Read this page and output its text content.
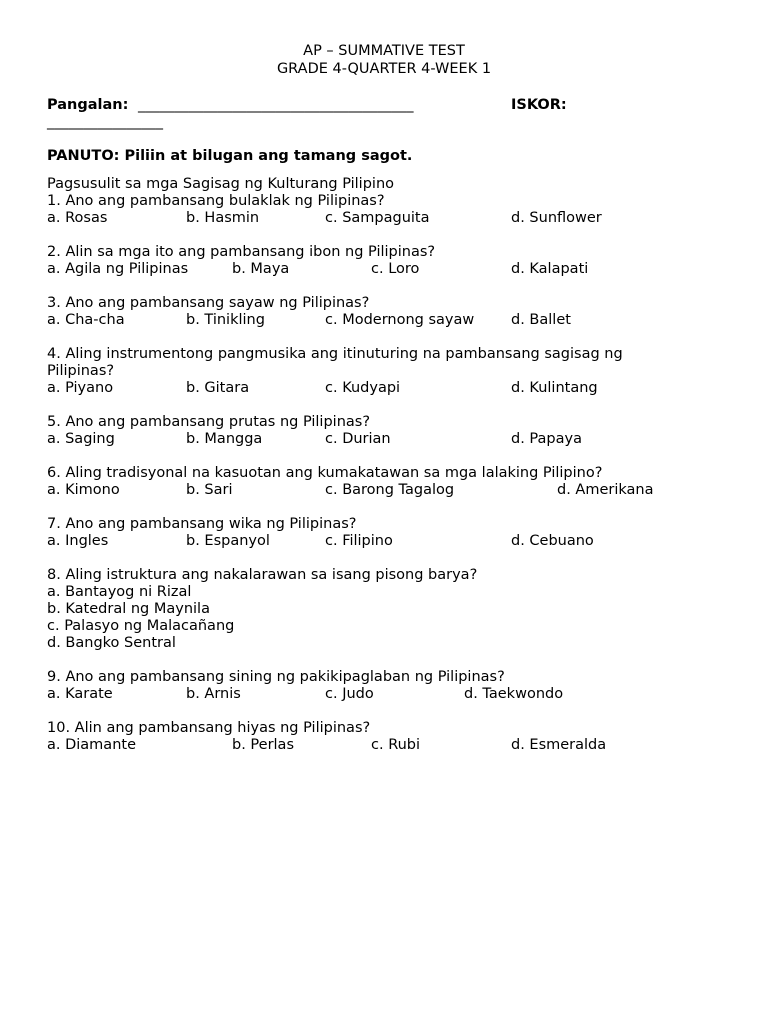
AP – SUMMATIVE TEST
GRADE 4-QUARTER 4-WEEK 1
Pangalan: ______________________________________	ISKOR:
________________
PANUTO: Piliin at bilugan ang tamang sagot.
Pagsusulit sa mga Sagisag ng Kulturang Pilipino
1. Ano ang pambansang bulaklak ng Pilipinas?
a. Rosas	b. Hasmin	c. Sampaguita	d. Sunflower
2. Alin sa mga ito ang pambansang ibon ng Pilipinas?
a. Agila ng Pilipinas	b. Maya	c. Loro	d. Kalapati
3. Ano ang pambansang sayaw ng Pilipinas?
a. Cha-cha	b. Tinikling	c. Modernong sayaw	d. Ballet
4. Aling instrumentong pangmusika ang itinuturing na pambansang sagisag ng
Pilipinas?
a. Piyano	b. Gitara	c. Kudyapi	d. Kulintang
5. Ano ang pambansang prutas ng Pilipinas?
a. Saging	b. Mangga	c. Durian	d. Papaya
6. Aling tradisyonal na kasuotan ang kumakatawan sa mga lalaking Pilipino?
a. Kimono	b. Sari	c. Barong Tagalog	d. Amerikana
7. Ano ang pambansang wika ng Pilipinas?
a. Ingles	b. Espanyol	c. Filipino	d. Cebuano
8. Aling istruktura ang nakalarawan sa isang pisong barya?
a. Bantayog ni Rizal
b. Katedral ng Maynila
c. Palasyo ng Malacañang
d. Bangko Sentral
9. Ano ang pambansang sining ng pakikipaglaban ng Pilipinas?
a. Karate	b. Arnis	c. Judo	d. Taekwondo
10. Alin ang pambansang hiyas ng Pilipinas?
a. Diamante	b. Perlas	c. Rubi	d. Esmeralda
